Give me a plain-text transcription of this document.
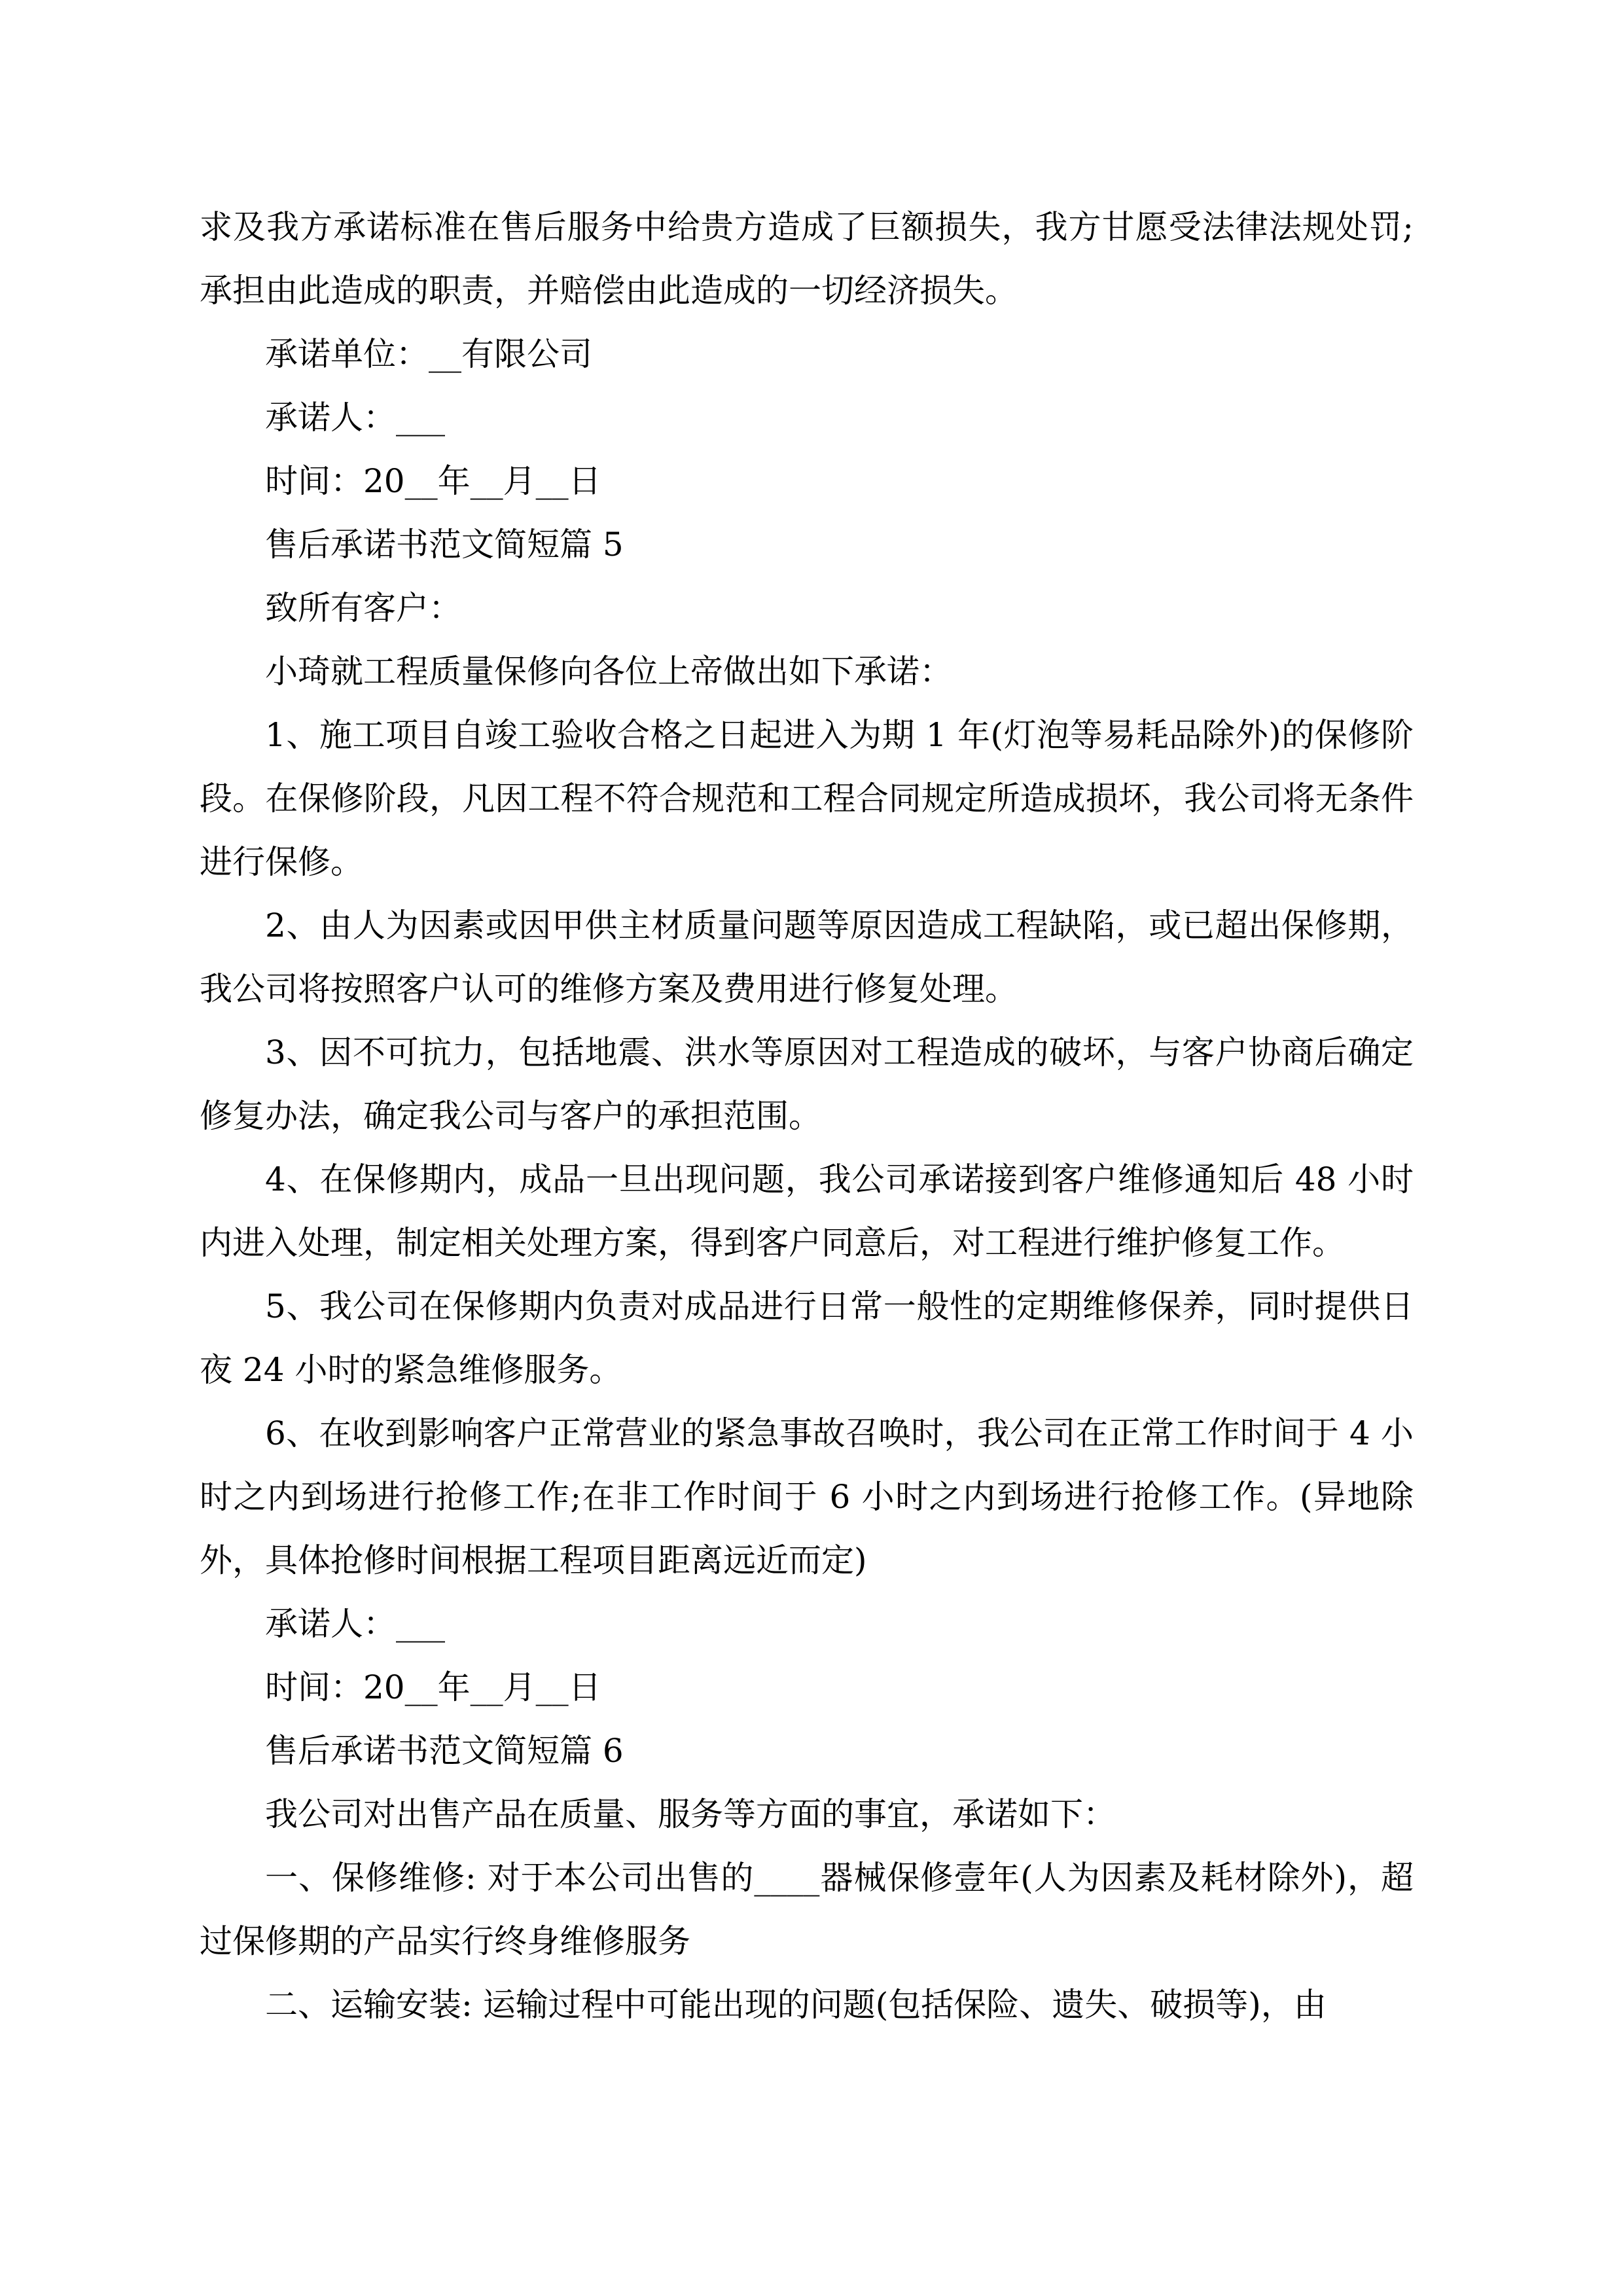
求及我方承诺标准在售后服务中给贵方造成了巨额损失，我方甘愿受法律法规处罚;承担由此造成的职责，并赔偿由此造成的一切经济损失。

承诺单位：__有限公司

承诺人：___

时间：20__年__月__日

售后承诺书范文简短篇 5

致所有客户：

小琦就工程质量保修向各位上帝做出如下承诺：

1、施工项目自竣工验收合格之日起进入为期 1 年(灯泡等易耗品除外)的保修阶段。在保修阶段，凡因工程不符合规范和工程合同规定所造成损坏，我公司将无条件进行保修。

2、由人为因素或因甲供主材质量问题等原因造成工程缺陷，或已超出保修期，我公司将按照客户认可的维修方案及费用进行修复处理。

3、因不可抗力，包括地震、洪水等原因对工程造成的破坏，与客户协商后确定修复办法，确定我公司与客户的承担范围。

4、在保修期内，成品一旦出现问题，我公司承诺接到客户维修通知后 48 小时内进入处理，制定相关处理方案，得到客户同意后，对工程进行维护修复工作。

5、我公司在保修期内负责对成品进行日常一般性的定期维修保养，同时提供日夜 24 小时的紧急维修服务。

6、在收到影响客户正常营业的紧急事故召唤时，我公司在正常工作时间于 4 小时之内到场进行抢修工作;在非工作时间于 6 小时之内到场进行抢修工作。(异地除外，具体抢修时间根据工程项目距离远近而定)

承诺人：___

时间：20__年__月__日

售后承诺书范文简短篇 6

我公司对出售产品在质量、服务等方面的事宜，承诺如下：

一、保修维修: 对于本公司出售的____器械保修壹年(人为因素及耗材除外)，超过保修期的产品实行终身维修服务

二、运输安装: 运输过程中可能出现的问题(包括保险、遗失、破损等)，由
